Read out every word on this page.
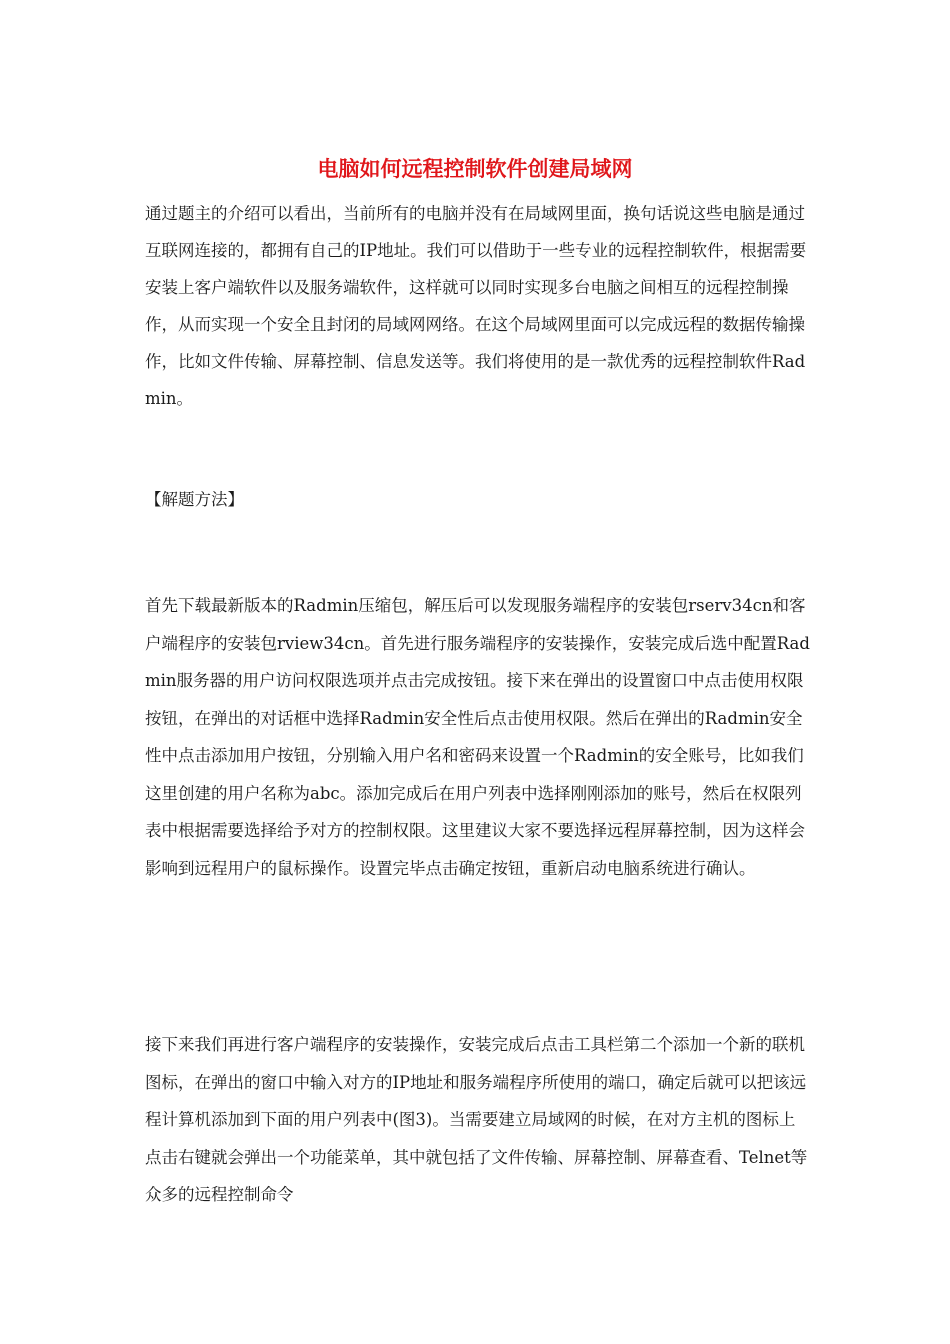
电脑如何远程控制软件创建局域网

通过题主的介绍可以看出，当前所有的电脑并没有在局域网里面，换句话说这些电脑是通过互联网连接的，都拥有自己的IP地址。我们可以借助于一些专业的远程控制软件，根据需要安装上客户端软件以及服务端软件，这样就可以同时实现多台电脑之间相互的远程控制操作，从而实现一个安全且封闭的局域网网络。在这个局域网里面可以完成远程的数据传输操作，比如文件传输、屏幕控制、信息发送等。我们将使用的是一款优秀的远程控制软件Radmin。

【解题方法】

首先下载最新版本的Radmin压缩包，解压后可以发现服务端程序的安装包rserv34cn和客户端程序的安装包rview34cn。首先进行服务端程序的安装操作，安装完成后选中配置Radmin服务器的用户访问权限选项并点击完成按钮。接下来在弹出的设置窗口中点击使用权限按钮，在弹出的对话框中选择Radmin安全性后点击使用权限。然后在弹出的Radmin安全性中点击添加用户按钮，分别输入用户名和密码来设置一个Radmin的安全账号，比如我们这里创建的用户名称为abc。添加完成后在用户列表中选择刚刚添加的账号，然后在权限列表中根据需要选择给予对方的控制权限。这里建议大家不要选择远程屏幕控制，因为这样会影响到远程用户的鼠标操作。设置完毕点击确定按钮，重新启动电脑系统进行确认。

接下来我们再进行客户端程序的安装操作，安装完成后点击工具栏第二个添加一个新的联机图标，在弹出的窗口中输入对方的IP地址和服务端程序所使用的端口，确定后就可以把该远程计算机添加到下面的用户列表中(图3)。当需要建立局域网的时候，在对方主机的图标上点击右键就会弹出一个功能菜单，其中就包括了文件传输、屏幕控制、屏幕查看、Telnet等众多的远程控制命令
